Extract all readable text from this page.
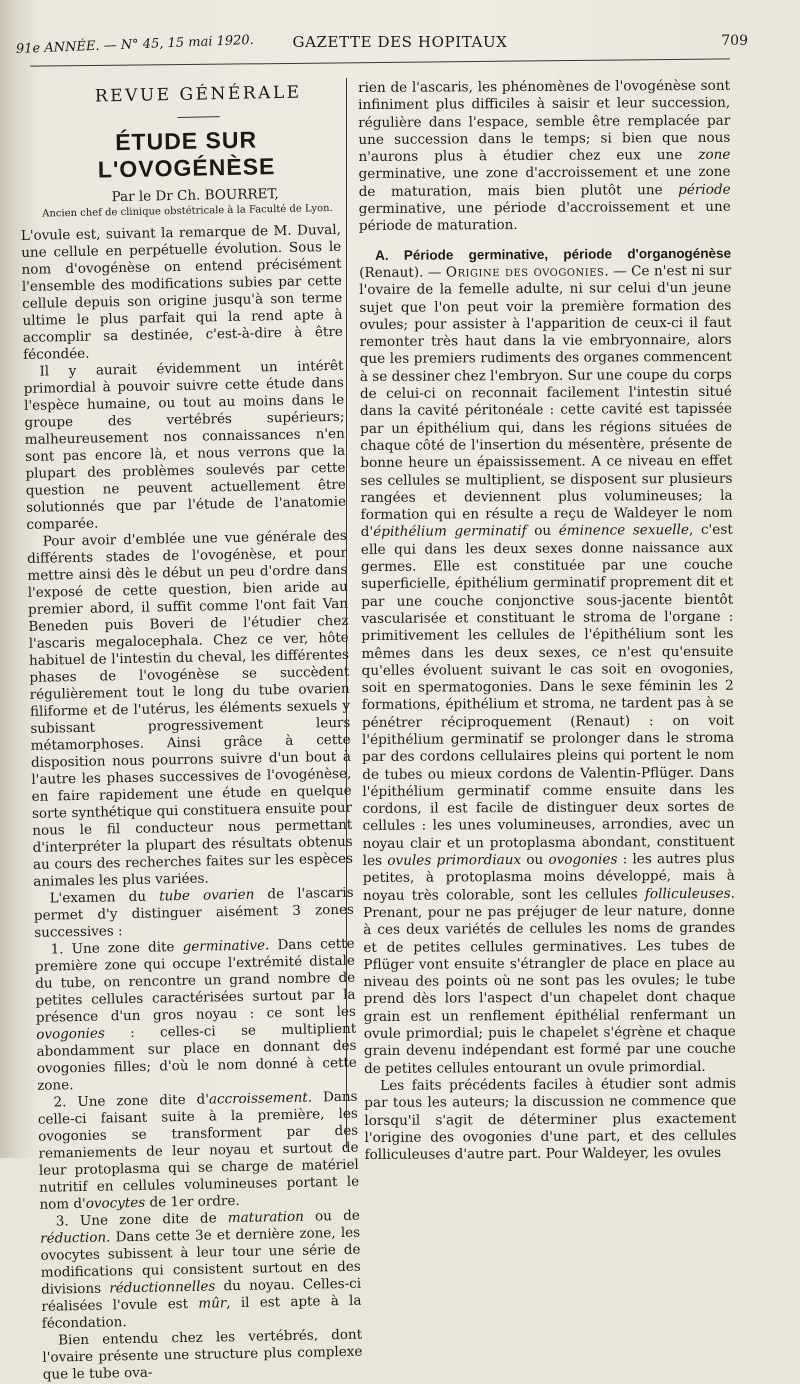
91e ANNÉE. — N° 45, 15 mai 1920.	GAZETTE DES HOPITAUX	709
REVUE GÉNÉRALE
ÉTUDE SUR L'OVOGÉNÈSE
Par le Dr Ch. BOURRET,
Ancien chef de clinique obstétricale à la Faculté de Lyon.

L'ovule est, suivant la remarque de M. Duval, une cellule en perpétuelle évolution. Sous le nom d'ovogénèse on entend précisément l'ensemble des modifications subies par cette cellule depuis son origine jusqu'à son terme ultime le plus parfait qui la rend apte à accomplir sa destinée, c'est-à-dire à être fécondée.

Il y aurait évidemment un intérêt primordial à pouvoir suivre cette étude dans l'espèce humaine, ou tout au moins dans le groupe des vertébrés supérieurs; malheureusement nos connaissances n'en sont pas encore là, et nous verrons que la plupart des problèmes soulevés par cette question ne peuvent actuellement être solutionnés que par l'étude de l'anatomie comparée.

Pour avoir d'emblée une vue générale des différents stades de l'ovogénèse, et pour mettre ainsi dès le début un peu d'ordre dans l'exposé de cette question, bien aride au premier abord, il suffit comme l'ont fait Van Beneden puis Boveri de l'étudier chez l'ascaris megalocephala. Chez ce ver, hôte habituel de l'intestin du cheval, les différentes phases de l'ovogénèse se succèdent régulièrement tout le long du tube ovarien filiforme et de l'utérus, les éléments sexuels y subissant progressivement leurs métamorphoses. Ainsi grâce à cette disposition nous pourrons suivre d'un bout à l'autre les phases successives de l'ovogénèse, en faire rapidement une étude en quelque sorte synthétique qui constituera ensuite pour nous le fil conducteur nous permettant d'interpréter la plupart des résultats obtenus au cours des recherches faites sur les espèces animales les plus variées.

L'examen du tube ovarien de l'ascaris permet d'y distinguer aisément 3 zones successives :

1. Une zone dite germinative. Dans cette première zone qui occupe l'extrémité distale du tube, on rencontre un grand nombre de petites cellules caractérisées surtout par la présence d'un gros noyau : ce sont les ovogonies : celles-ci se multiplient abondamment sur place en donnant des ovogonies filles; d'où le nom donné à cette zone.

2. Une zone dite d'accroissement. Dans celle-ci faisant suite à la première, les ovogonies se transforment par des remaniements de leur noyau et surtout de leur protoplasma qui se charge de matériel nutritif en cellules volumineuses portant le nom d'ovocytes de 1er ordre.

3. Une zone dite de maturation ou de réduction. Dans cette 3e et dernière zone, les ovocytes subissent à leur tour une série de modifications qui consistent surtout en des divisions réductionnelles du noyau. Celles-ci réalisées l'ovule est mûr, il est apte à la fécondation.

Bien entendu chez les vertébrés, dont l'ovaire présente une structure plus complexe que le tube ova-

rien de l'ascaris, les phénomènes de l'ovogénèse sont infiniment plus difficiles à saisir et leur succession, régulière dans l'espace, semble être remplacée par une succession dans le temps; si bien que nous n'aurons plus à étudier chez eux une zone germinative, une zone d'accroissement et une zone de maturation, mais bien plutôt une période germinative, une période d'accroissement et une période de maturation.

A. Période germinative, période d'organogénèse (Renaut). — Origine des ovogonies. — Ce n'est ni sur l'ovaire de la femelle adulte, ni sur celui d'un jeune sujet que l'on peut voir la première formation des ovules; pour assister à l'apparition de ceux-ci il faut remonter très haut dans la vie embryonnaire, alors que les premiers rudiments des organes commencent à se dessiner chez l'embryon. Sur une coupe du corps de celui-ci on reconnait facilement l'intestin situé dans la cavité péritonéale : cette cavité est tapissée par un épithélium qui, dans les régions situées de chaque côté de l'insertion du mésentère, présente de bonne heure un épaississement. A ce niveau en effet ses cellules se multiplient, se disposent sur plusieurs rangées et deviennent plus volumineuses; la formation qui en résulte a reçu de Waldeyer le nom d'épithélium germinatif ou éminence sexuelle, c'est elle qui dans les deux sexes donne naissance aux germes. Elle est constituée par une couche superficielle, épithélium germinatif proprement dit et par une couche conjonctive sous-jacente bientôt vascularisée et constituant le stroma de l'organe : primitivement les cellules de l'épithélium sont les mêmes dans les deux sexes, ce n'est qu'ensuite qu'elles évoluent suivant le cas soit en ovogonies, soit en spermatogonies. Dans le sexe féminin les 2 formations, épithélium et stroma, ne tardent pas à se pénétrer réciproquement (Renaut) : on voit l'épithélium germinatif se prolonger dans le stroma par des cordons cellulaires pleins qui portent le nom de tubes ou mieux cordons de Valentin-Pflüger. Dans l'épithélium germinatif comme ensuite dans les cordons, il est facile de distinguer deux sortes de cellules : les unes volumineuses, arrondies, avec un noyau clair et un protoplasma abondant, constituent les ovules primordiaux ou ovogonies : les autres plus petites, à protoplasma moins développé, mais à noyau très colorable, sont les cellules folliculeuses. Prenant, pour ne pas préjuger de leur nature, donne à ces deux variétés de cellules les noms de grandes et de petites cellules germinatives. Les tubes de Pflüger vont ensuite s'étrangler de place en place au niveau des points où ne sont pas les ovules; le tube prend dès lors l'aspect d'un chapelet dont chaque grain est un renflement épithélial renfermant un ovule primordial; puis le chapelet s'égrène et chaque grain devenu indépendant est formé par une couche de petites cellules entourant un ovule primordial.

Les faits précédents faciles à étudier sont admis par tous les auteurs; la discussion ne commence que lorsqu'il s'agit de déterminer plus exactement l'origine des ovogonies d'une part, et des cellules folliculeuses d'autre part. Pour Waldeyer, les ovules
